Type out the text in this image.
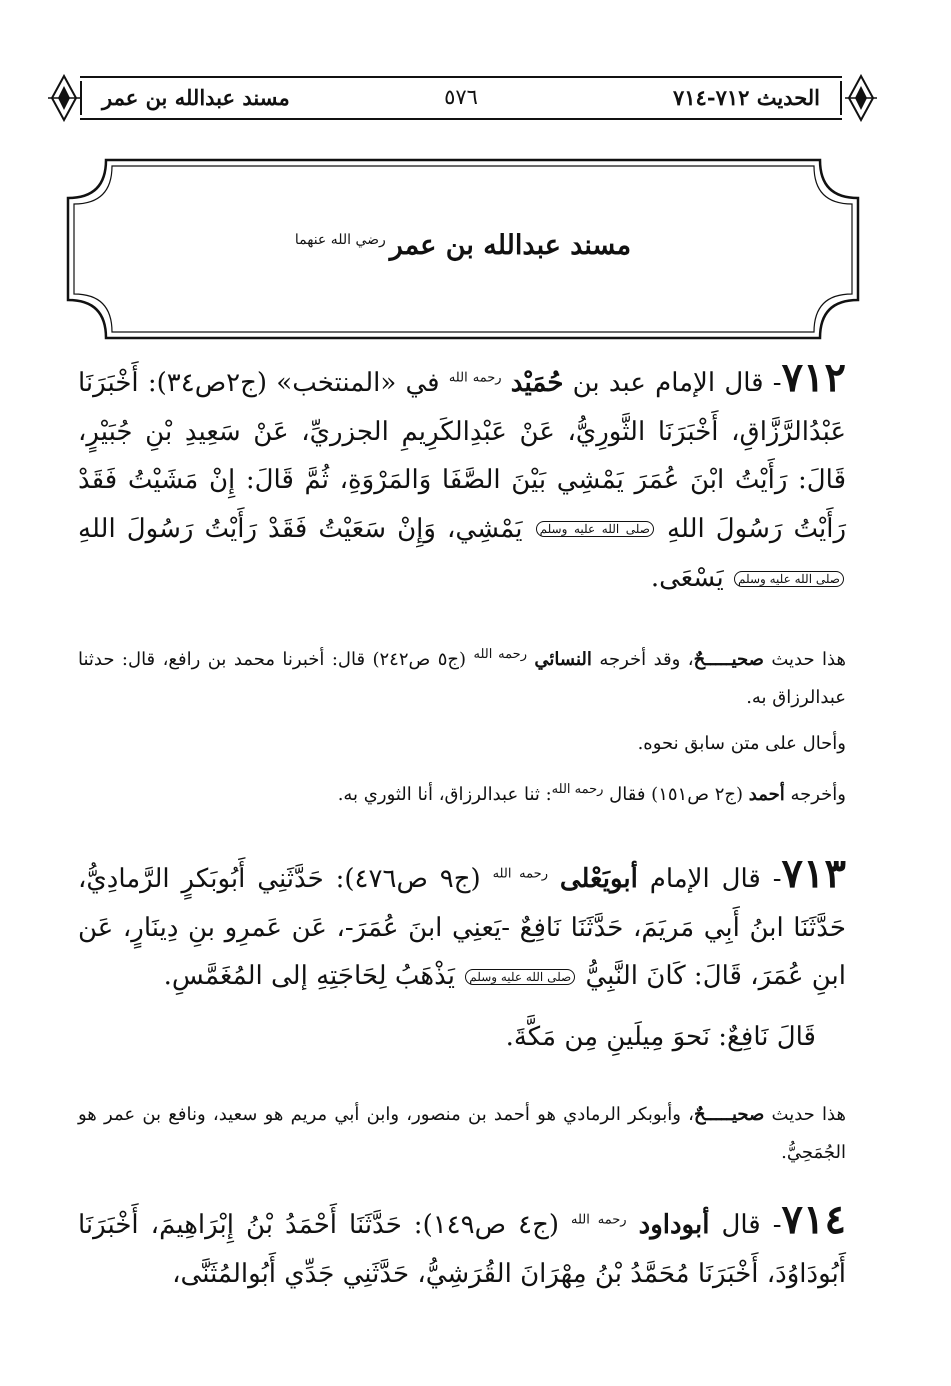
الحديث ٧١٢-٧١٤
٥٧٦
مسند عبدالله بن عمر
مسند عبدالله بن عمر$^{رضي الله عنهما}$
٧١٢- قال الإمام عبد بن حُمَيْد $^{رحمه الله}$ في «المنتخب» (ج٢ص٣٤): أَخْبَرَنَا عَبْدُالرَّزَّاقِ، أَخْبَرَنَا الثَّورِيُّ، عَنْ عَبْدِالكَرِيمِ الجزريِّ، عَنْ سَعِيدِ بْنِ جُبَيْرٍ، قَالَ: رَأَيْتُ ابْنَ عُمَرَ يَمْشِي بَيْنَ الصَّفَا وَالمَرْوَةِ، ثُمَّ قَالَ: إِنْ مَشَيْتُ فَقَدْ رَأَيْتُ رَسُولَ اللهِ صلى الله عليه وسلم يَمْشِي، وَإِنْ سَعَيْتُ فَقَدْ رَأَيْتُ رَسُولَ اللهِ صلى الله عليه وسلم يَسْعَى.
هذا حديث صحيـــــحٌ، وقد أخرجه النسائي $^{رحمه الله}$ (ج٥ ص٢٤٢) قال: أخبرنا محمد بن رافع، قال: حدثنا عبدالرزاق به.
وأحال على متن سابق نحوه.
وأخرجه أحمد (ج٢ ص١٥١) فقال $^{رحمه الله}$: ثنا عبدالرزاق، أنا الثوري به.
٧١٣- قال الإمام أبويَعْلى $^{رحمه الله}$ (ج٩ ص٤٧٦): حَدَّثَنِي أَبُوبَكرٍ الرَّمادِيُّ، حَدَّثَنَا ابنُ أَبِي مَريَمَ، حَدَّثَنَا نَافِعٌ -يَعنِي ابنَ عُمَرَ-، عَن عَمرِو بنِ دِينَارٍ، عَن ابنِ عُمَرَ، قَالَ: كَانَ النَّبِيُّ صلى الله عليه وسلم يَذْهَبُ لِحَاجَتِهِ إلى المُغَمَّسِ.
قَالَ نَافِعٌ: نَحوَ مِيلَينِ مِن مَكَّةَ.
هذا حديث صحيـــــحٌ، وأبوبكر الرمادي هو أحمد بن منصور، وابن أبي مريم هو سعيد، ونافع بن عمر هو الجُمَحِيُّ.
٧١٤- قال أبوداود $^{رحمه الله}$ (ج٤ ص١٤٩): حَدَّثَنَا أَحْمَدُ بْنُ إِبْرَاهِيمَ، أَخْبَرَنَا أَبُودَاوُدَ، أَخْبَرَنَا مُحَمَّدُ بْنُ مِهْرَانَ القُرَشِيُّ، حَدَّثَنِي جَدِّي أَبُوالمُثَنَّى،
